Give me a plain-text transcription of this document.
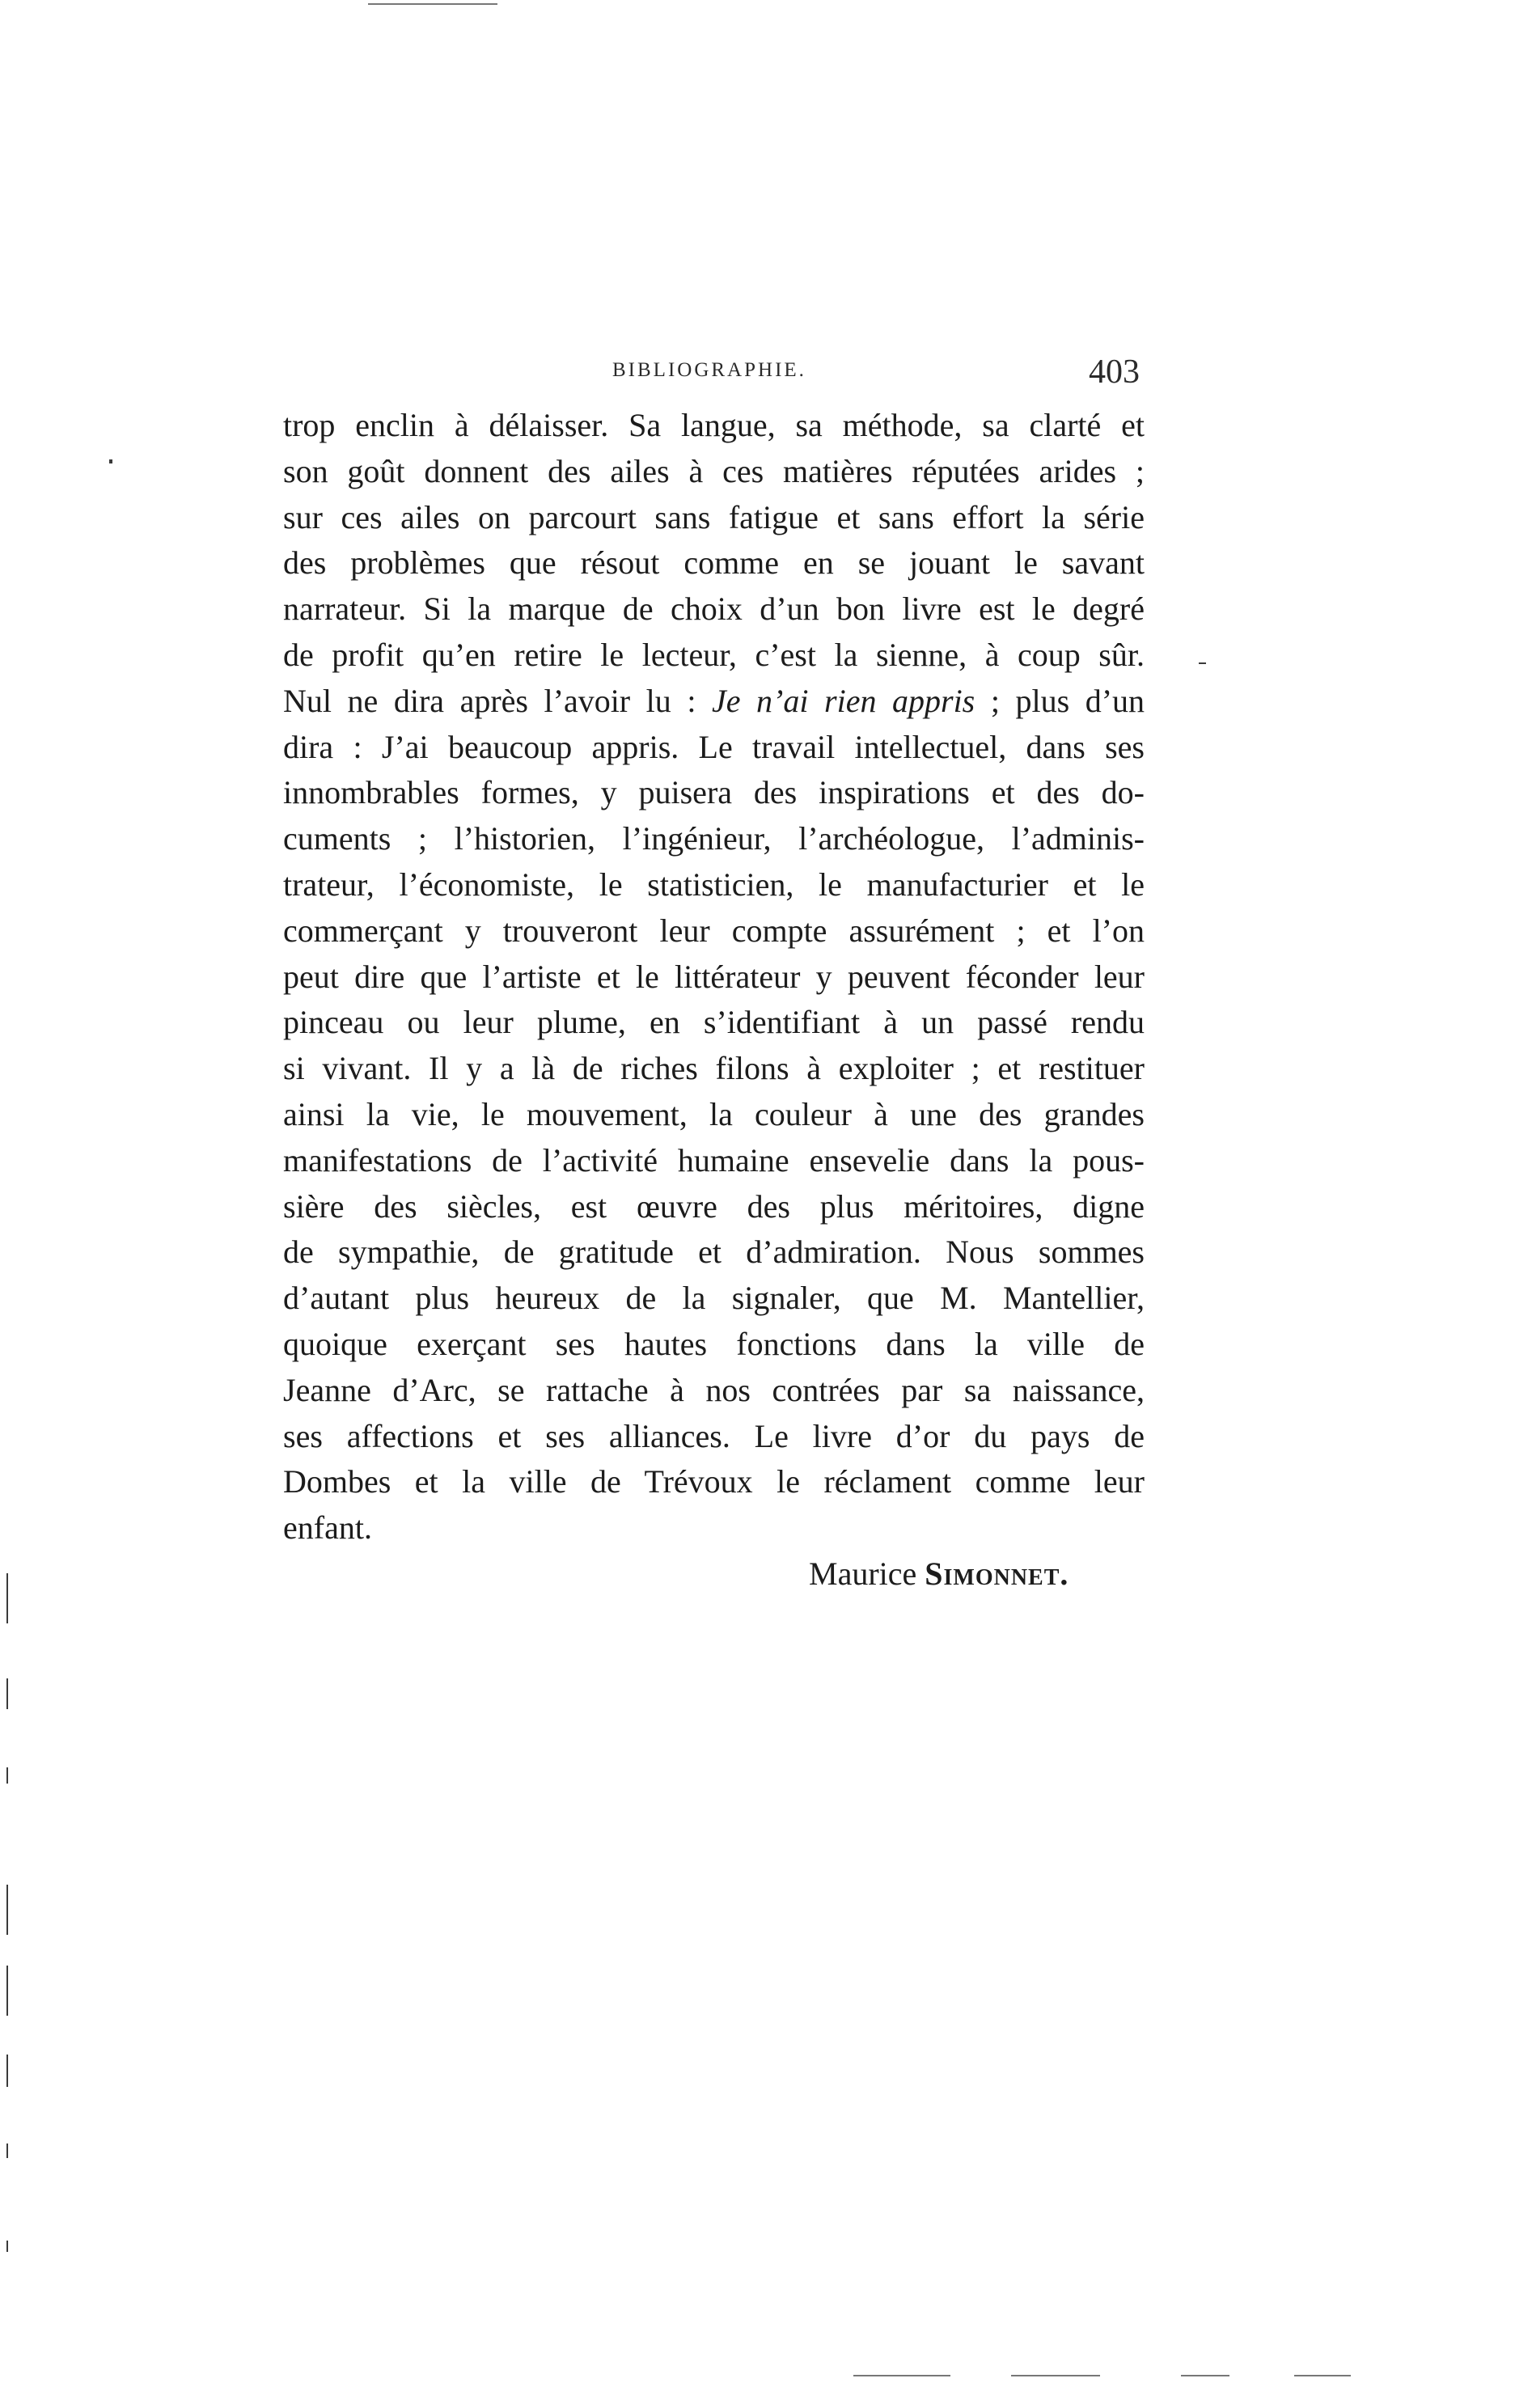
BIBLIOGRAPHIE.	403
trop enclin à délaisser. Sa langue, sa méthode, sa clarté et
son goût donnent des ailes à ces matières réputées arides ;
sur ces ailes on parcourt sans fatigue et sans effort la série
des problèmes que résout comme en se jouant le savant
narrateur. Si la marque de choix d’un bon livre est le degré
de profit qu’en retire le lecteur, c’est la sienne, à coup sûr.
Nul ne dira après l’avoir lu : Je n’ai rien appris ; plus d’un
dira : J’ai beaucoup appris. Le travail intellectuel, dans ses
innombrables formes, y puisera des inspirations et des do-
cuments ; l’historien, l’ingénieur, l’archéologue, l’adminis-
trateur, l’économiste, le statisticien, le manufacturier et le
commerçant y trouveront leur compte assurément ; et l’on
peut dire que l’artiste et le littérateur y peuvent féconder leur
pinceau ou leur plume, en s’identifiant à un passé rendu
si vivant. Il y a là de riches filons à exploiter ; et restituer
ainsi la vie, le mouvement, la couleur à une des grandes
manifestations de l’activité humaine ensevelie dans la pous-
sière des siècles, est œuvre des plus méritoires, digne
de sympathie, de gratitude et d’admiration. Nous sommes
d’autant plus heureux de la signaler, que M. Mantellier,
quoique exerçant ses hautes fonctions dans la ville de
Jeanne d’Arc, se rattache à nos contrées par sa naissance,
ses affections et ses alliances. Le livre d’or du pays de
Dombes et la ville de Trévoux le réclament comme leur
enfant.
Maurice Simonnet.
